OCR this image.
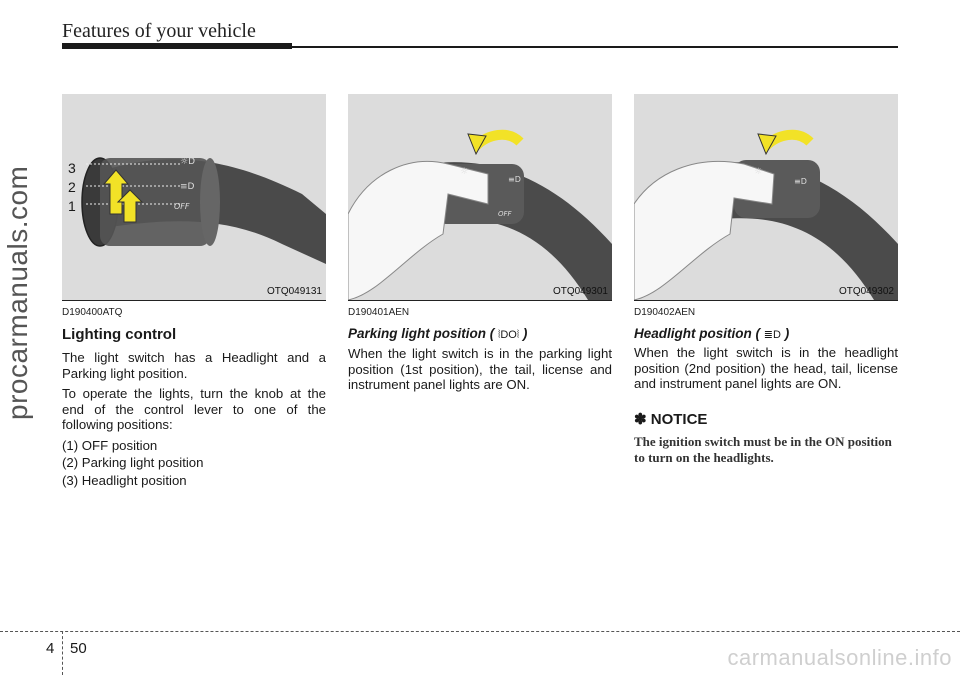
Features of your vehicle
procarmanuals.com
☼D
≡D
OFF
3
2
1
OTQ049131
☼
≡D
OFF
OTQ049301
☼
≡D
OTQ049302
D190400ATQ
Lighting control

The light switch has a Headlight and a Parking light position.

To operate the lights, turn the knob at the end of the control lever to one of the following positions:

(1) OFF position

(2) Parking light position

(3) Headlight position

D190401AEN
Parking light position ( ⦚DO⦚ )

When the light switch is in the parking light position (1st position), the tail, license and instrument panel lights are ON.

D190402AEN
Headlight position ( ≣D )

When the light switch is in the headlight position (2nd position) the head, tail, license and instrument panel lights are ON.

✽ NOTICE
The ignition switch must be in the ON position to turn on the headlights.
4 50	carmanualsonline.info
